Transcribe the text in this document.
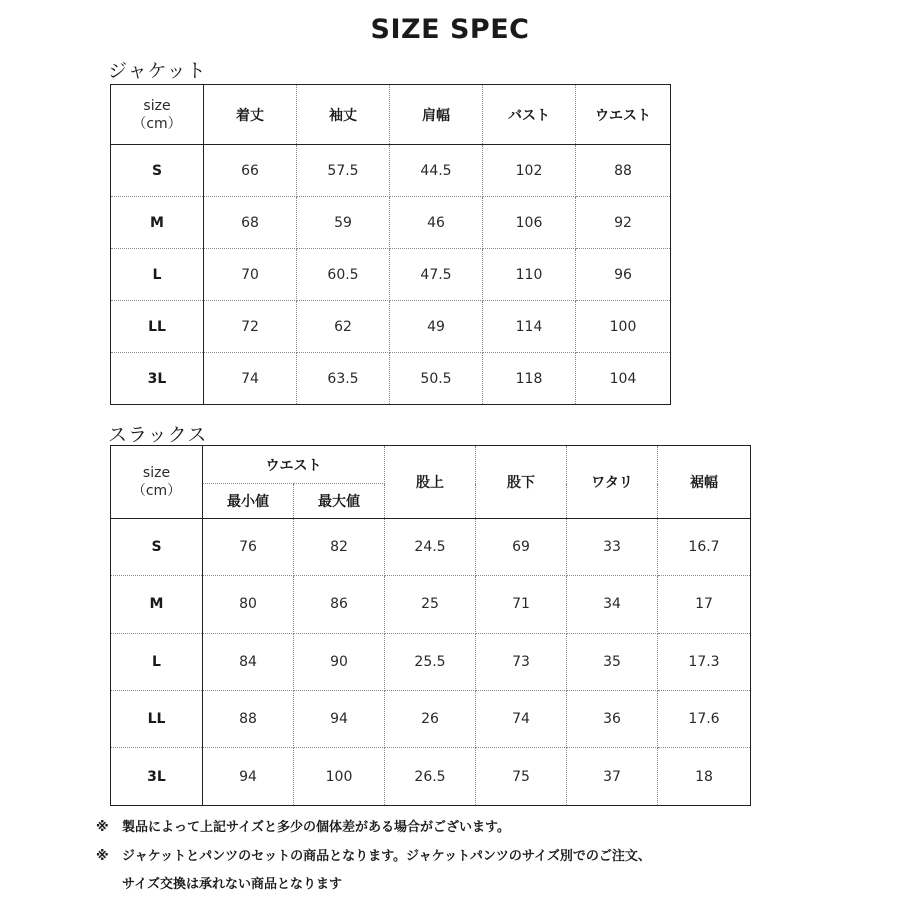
SIZE SPEC
ジャケット
size
（cm）	着丈	袖丈	肩幅	バスト	ウエスト
S	66	57.5	44.5	102	88
M	68	59	46	106	92
L	70	60.5	47.5	110	96
LL	72	62	49	114	100
3L	74	63.5	50.5	118	104
スラックス
size
（cm）	ウエスト		股上	股下	ワタリ	裾幅
	最小値	最大値				
S	76	82	24.5	69	33	16.7
M	80	86	25	71	34	17
L	84	90	25.5	73	35	17.3
LL	88	94	26	74	36	17.6
3L	94	100	26.5	75	37	18
※ 製品によって上記サイズと多少の個体差がある場合がございます。
※ ジャケットとパンツのセットの商品となります。ジャケットパンツのサイズ別でのご注文、
サイズ交換は承れない商品となります
